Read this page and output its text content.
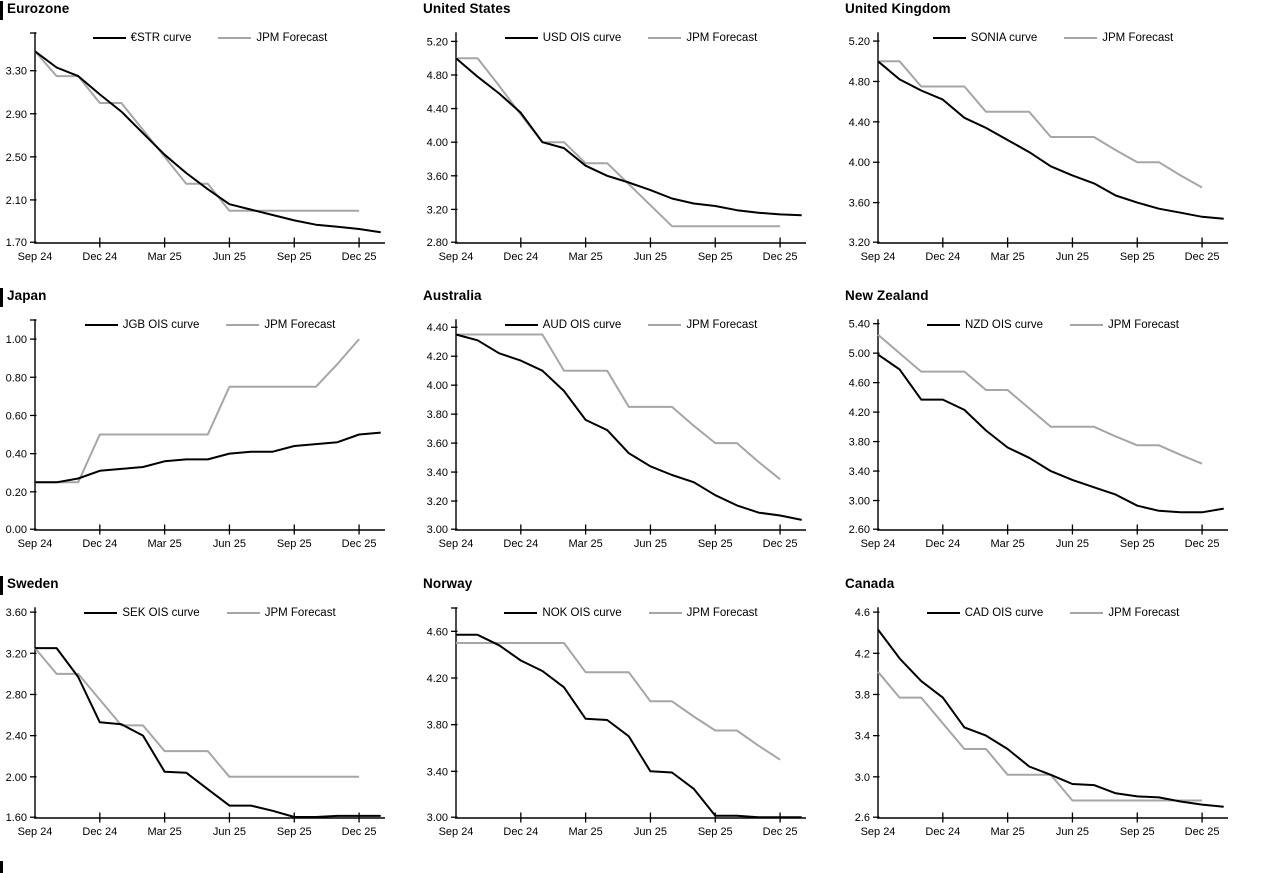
Eurozone
€STR curve	JPM Forecast
3.30
2.90
2.50
2.10
1.70
Sep 24	Dec 24	Mar 25	Jun 25	Sep 25	Dec 25
United States
USD OIS curve	JPM Forecast
5.20
4.80
4.40
4.00
3.60
3.20
2.80
Sep 24	Dec 24	Mar 25	Jun 25	Sep 25	Dec 25
United Kingdom
SONIA curve	JPM Forecast
5.20
4.80
4.40
4.00
3.60
3.20
Sep 24	Dec 24	Mar 25	Jun 25	Sep 25	Dec 25
Japan
JGB OIS curve	JPM Forecast
1.00
0.80
0.60
0.40
0.20
0.00
Sep 24	Dec 24	Mar 25	Jun 25	Sep 25	Dec 25
Australia
AUD OIS curve	JPM Forecast
4.40
4.20
4.00
3.80
3.60
3.40
3.20
3.00
Sep 24	Dec 24	Mar 25	Jun 25	Sep 25	Dec 25
New Zealand
NZD OIS curve	JPM Forecast
5.40
5.00
4.60
4.20
3.80
3.40
3.00
2.60
Sep 24	Dec 24	Mar 25	Jun 25	Sep 25	Dec 25
Sweden
SEK OIS curve	JPM Forecast
3.60
3.20
2.80
2.40
2.00
1.60
Sep 24	Dec 24	Mar 25	Jun 25	Sep 25	Dec 25
Norway
NOK OIS curve	JPM Forecast
4.60
4.20
3.80
3.40
3.00
Sep 24	Dec 24	Mar 25	Jun 25	Sep 25	Dec 25
Canada
CAD OIS curve	JPM Forecast
4.6
4.2
3.8
3.4
3.0
2.6
Sep 24	Dec 24	Mar 25	Jun 25	Sep 25	Dec 25
